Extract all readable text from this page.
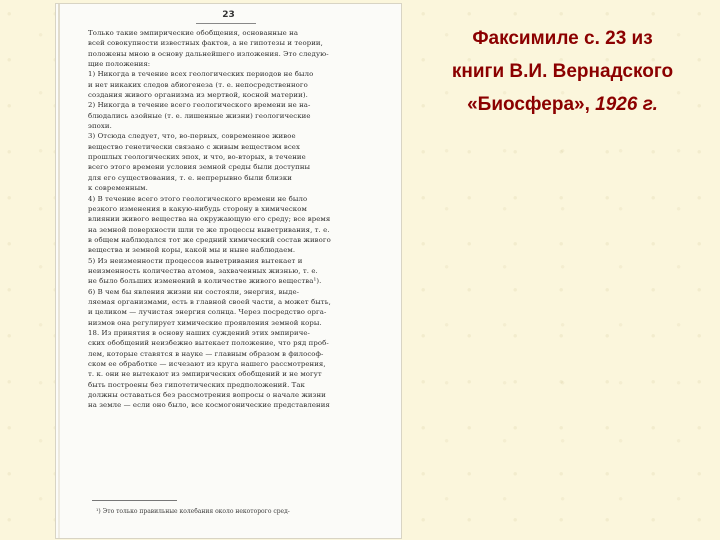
23
Только такие эмпирические обобщения, основанные на
всей совокупности известных фактов, а не гипотезы и теории,
положены мною в основу дальнейшего изложения. Это следую-
щие положения:
1) Никогда в течение всех геологических периодов не было
и нет никаких следов абиогенеза (т. е. непосредственного
создания живого организма из мертвой, косной материи).
2) Никогда в течение всего геологического времени не на-
блюдались азойные (т. е. лишенные жизни) геологические
эпохи.
3) Отсюда следует, что, во-первых, современное живое
вещество генетически связано с живым веществом всех
прошлых геологических эпох, и что, во-вторых, в течение
всего этого времени условия земной среды были доступны
для его существования, т. е. непрерывно были близки
к современным.
4) В течение всего этого геологического времени не было
резкого изменения в какую-нибудь сторону в химическом
влиянии живого вещества на окружающую его среду; все время
на земной поверхности шли те же процессы выветривания, т. е.
в общем наблюдался тот же средний химический состав живого
вещества и земной коры, какой мы и ныне наблюдаем.
5) Из неизменности процессов выветривания вытекает и
неизменность количества атомов, захваченных жизнью, т. е.
не было больших изменений в количестве живого вещества¹).
6) В чем бы явления жизни ни состояли, энергия, выде-
ляемая организмами, есть в главной своей части, а может быть,
и целиком — лучистая энергия солнца. Через посредство орга-
низмов она регулирует химические проявления земной коры.
18. Из принятия в основу наших суждений этих эмпириче-
ских обобщений неизбежно вытекает положение, что ряд проб-
лем, которые ставятся в науке — главным образом в философ-
ском ее обработке — исчезают из круга нашего рассмотрения,
т. к. они не вытекают из эмпирических обобщений и не могут
быть построены без гипотетических предположений. Так
должны оставаться без рассмотрения вопросы о начале жизни
на земле — если оно было, все космогонические представления
¹) Это только правильные колебания около некоторого сред-
Факсимиле с. 23 из
книги В.И. Вернадского
«Биосфера», 1926 г.
